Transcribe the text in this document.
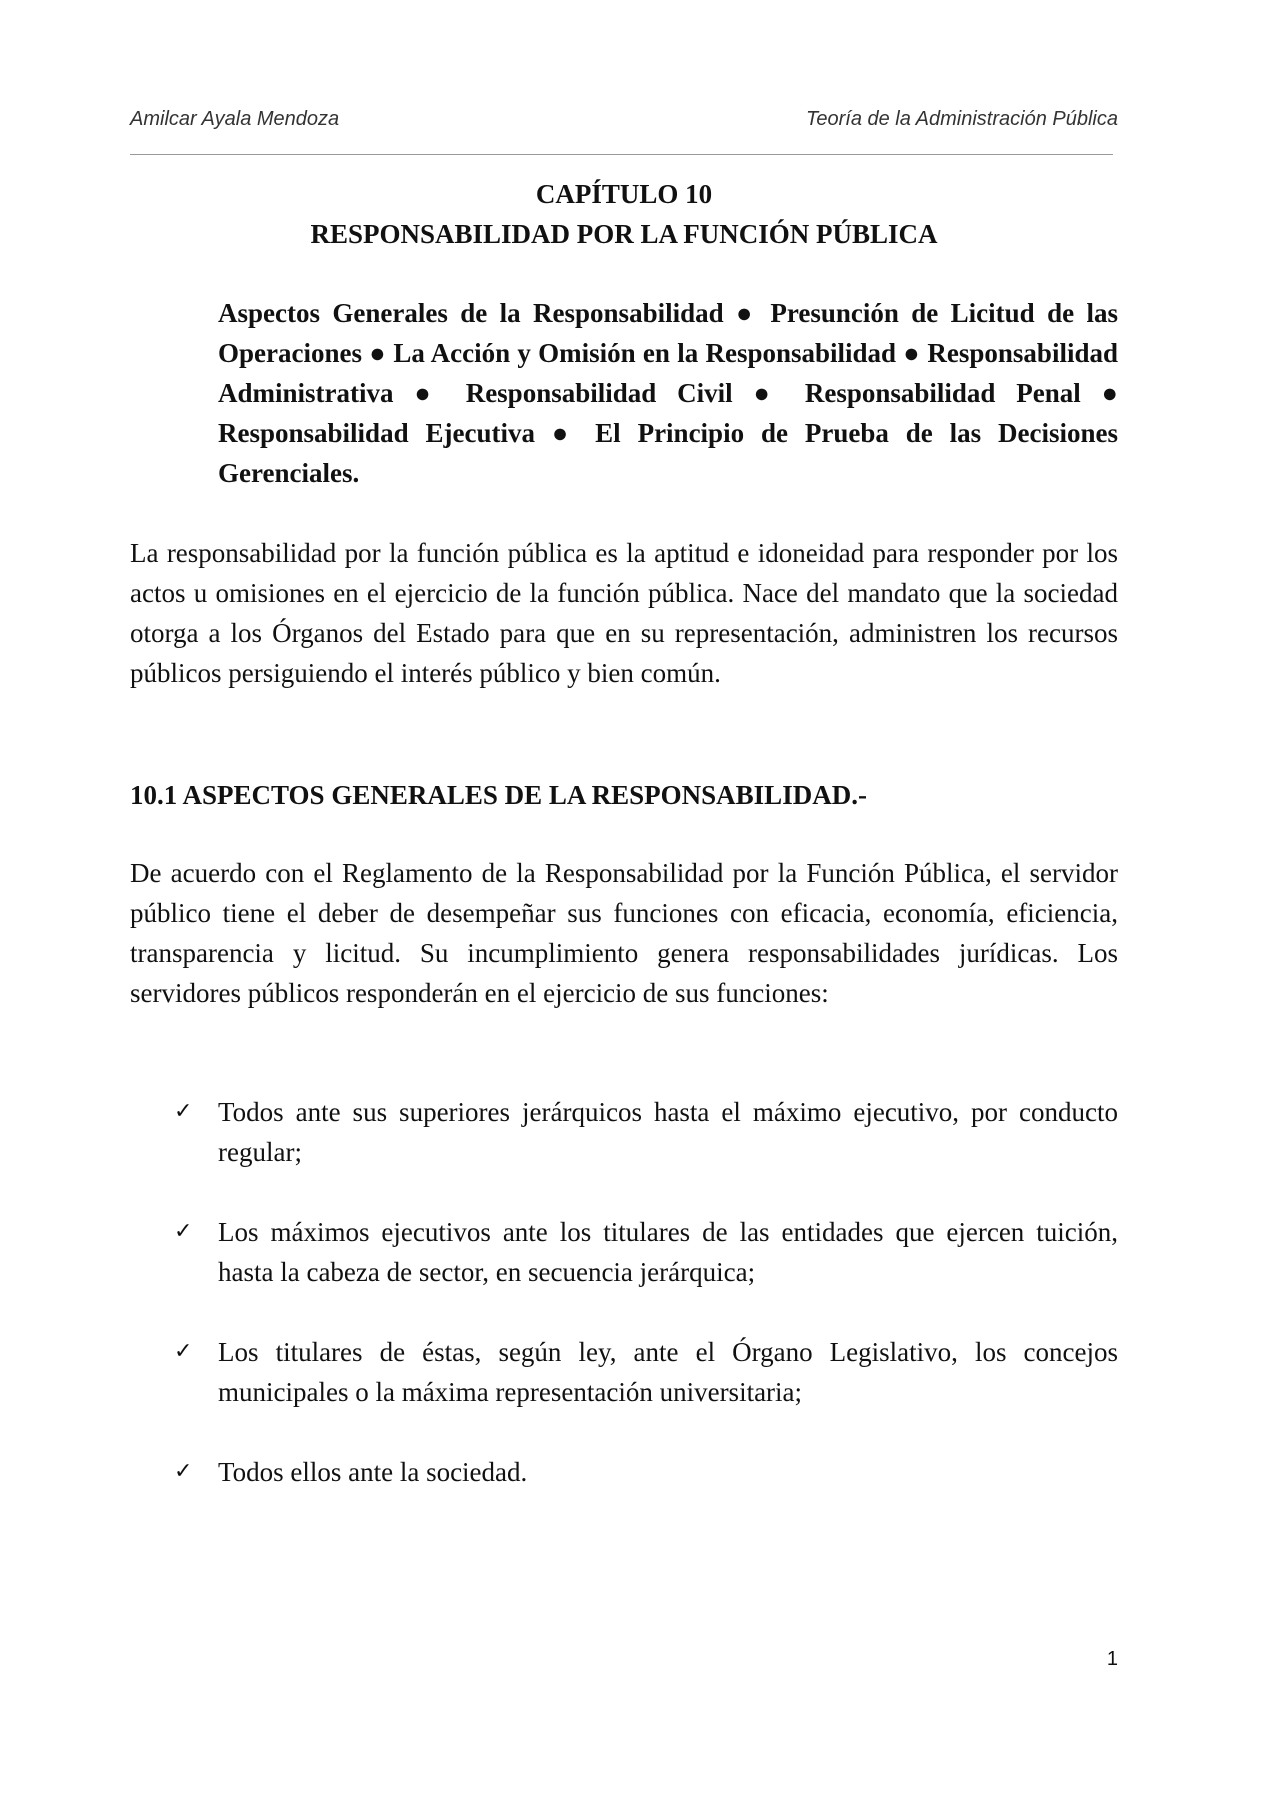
Amilcar Ayala Mendoza	Teoría de la Administración Pública
CAPÍTULO 10
RESPONSABILIDAD POR LA FUNCIÓN PÚBLICA
Aspectos Generales de la Responsabilidad ● Presunción de Licitud de las Operaciones ● La Acción y Omisión en la Responsabilidad ● Responsabilidad Administrativa ● Responsabilidad Civil ● Responsabilidad Penal ● Responsabilidad Ejecutiva ● El Principio de Prueba de las Decisiones Gerenciales.

La responsabilidad por la función pública es la aptitud e idoneidad para responder por los actos u omisiones en el ejercicio de la función pública. Nace del mandato que la sociedad otorga a los Órganos del Estado para que en su representación, administren los recursos públicos persiguiendo el interés público y bien común.

10.1 ASPECTOS GENERALES DE LA RESPONSABILIDAD.-

De acuerdo con el Reglamento de la Responsabilidad por la Función Pública, el servidor público tiene el deber de desempeñar sus funciones con eficacia, economía, eficiencia, transparencia y licitud. Su incumplimiento genera responsabilidades jurídicas. Los servidores públicos responderán en el ejercicio de sus funciones:

✓ Todos ante sus superiores jerárquicos hasta el máximo ejecutivo, por conducto regular;
✓ Los máximos ejecutivos ante los titulares de las entidades que ejercen tuición, hasta la cabeza de sector, en secuencia jerárquica;
✓ Los titulares de éstas, según ley, ante el Órgano Legislativo, los concejos municipales o la máxima representación universitaria;
✓ Todos ellos ante la sociedad.
1
